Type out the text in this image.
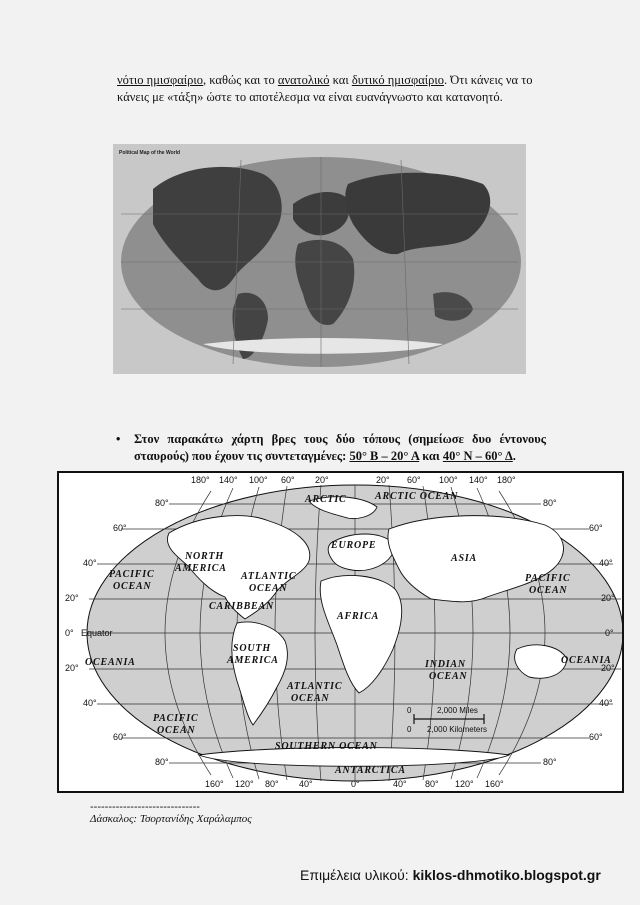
νότιο ημισφαίριο, καθώς και το ανατολικό και δυτικό ημισφαίριο. Ότι κάνεις να το κάνεις με «τάξη» ώστε το αποτέλεσμα να είναι ευανάγνωστο και κατανοητό.
Political Map of the World
• Στον παρακάτω χάρτη βρες τους δύο τόπους (σημείωσε δυο έντονους σταυρούς) που έχουν τις συντεταγμένες: 50° Β – 20° Α και 40° Ν – 60° Δ.
0	2,000 Miles
0 2,000 Kilometers
180° 140° 100° 60° 20°	20° 60° 100° 140° 180°
160° 120° 80° 40°	0°	40° 80° 120° 160°
80°
60°
40°
20°
0° Equator
20°
40°
60°
80°
80°
60°
40°
20°
0°
20°
40°
60°
80°
ARCTIC	ARCTIC OCEAN
EUROPE
ASIA
NORTH
AMERICA
PACIFIC
OCEAN
PACIFIC
OCEAN
ATLANTIC
OCEAN
CARIBBEAN
AFRICA
SOUTH
AMERICA
OCEANIA	OCEANIA
INDIAN
OCEAN
ATLANTIC
OCEAN
PACIFIC
OCEAN
SOUTHERN OCEAN
ANTARCTICA
------------------------------
Δάσκαλος: Τσορτανίδης Χαράλαμπος
Επιμέλεια υλικού: kiklos-dhmotiko.blogspot.gr
